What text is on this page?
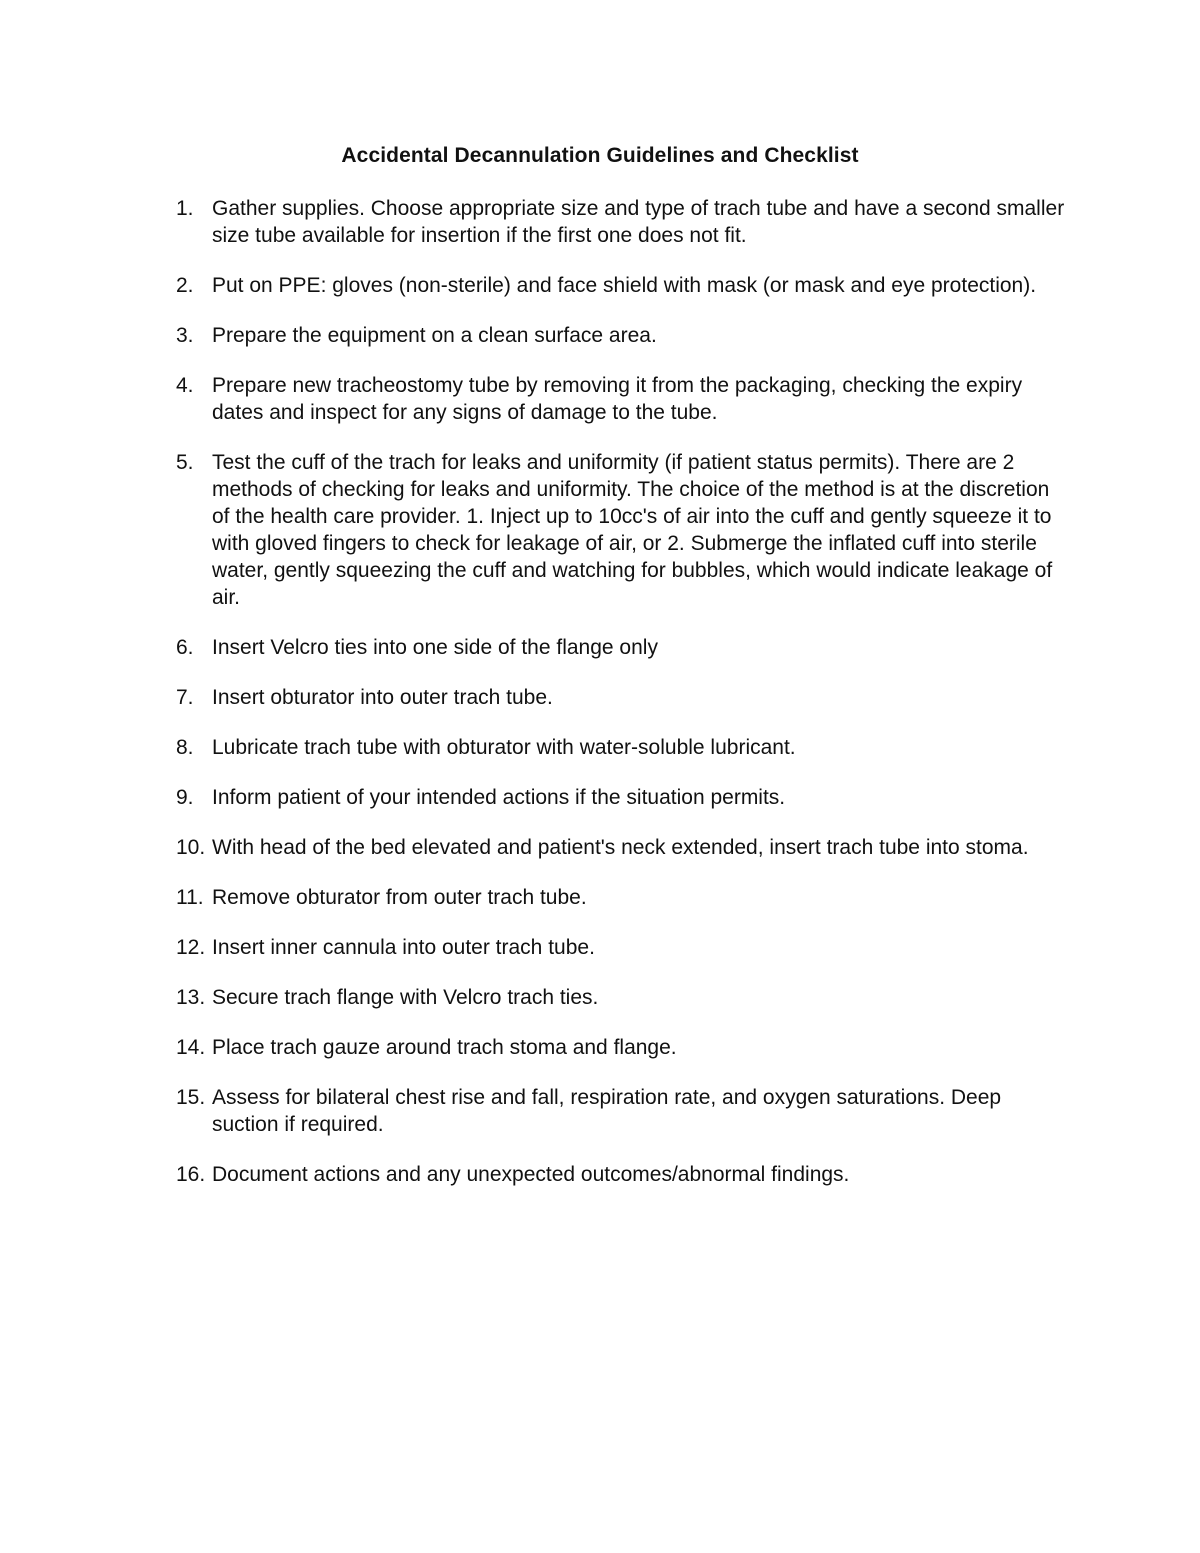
Accidental Decannulation Guidelines and Checklist
1. Gather supplies. Choose appropriate size and type of trach tube and have a second smaller size tube available for insertion if the first one does not fit.
2. Put on PPE: gloves (non-sterile) and face shield with mask (or mask and eye protection).
3. Prepare the equipment on a clean surface area.
4. Prepare new tracheostomy tube by removing it from the packaging, checking the expiry dates and inspect for any signs of damage to the tube.
5. Test the cuff of the trach for leaks and uniformity (if patient status permits). There are 2 methods of checking for leaks and uniformity. The choice of the method is at the discretion of the health care provider. 1. Inject up to 10cc's of air into the cuff and gently squeeze it to with gloved fingers to check for leakage of air, or 2. Submerge the inflated cuff into sterile water, gently squeezing the cuff and watching for bubbles, which would indicate leakage of air.
6. Insert Velcro ties into one side of the flange only
7. Insert obturator into outer trach tube.
8. Lubricate trach tube with obturator with water-soluble lubricant.
9. Inform patient of your intended actions if the situation permits.
10. With head of the bed elevated and patient's neck extended, insert trach tube into stoma.
11. Remove obturator from outer trach tube.
12. Insert inner cannula into outer trach tube.
13. Secure trach flange with Velcro trach ties.
14. Place trach gauze around trach stoma and flange.
15. Assess for bilateral chest rise and fall, respiration rate, and oxygen saturations. Deep suction if required.
16. Document actions and any unexpected outcomes/abnormal findings.
